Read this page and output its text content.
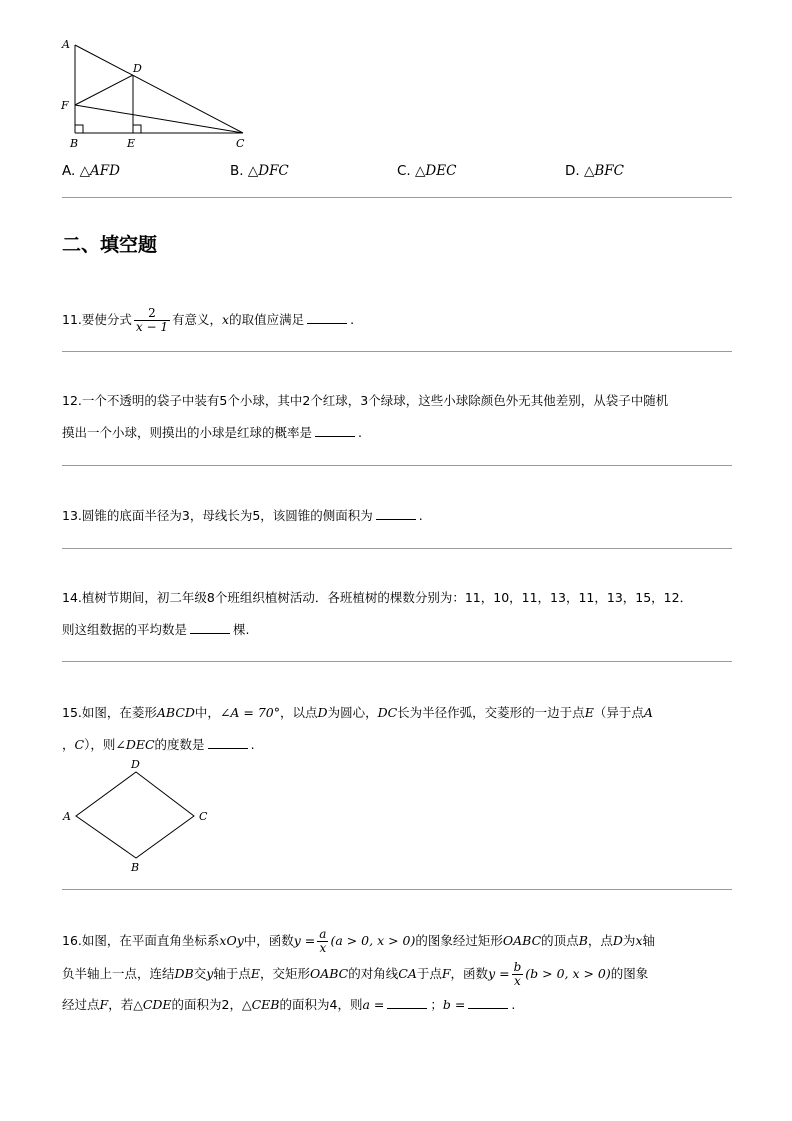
A
D
F
B	E	C
A. △AFD	B. △DFC	C. △DEC	D. △BFC
二、填空题
11.要使分式 $\frac{2}{x - 1}$ 有意义，x的取值应满足	.
12.一个不透明的袋子中装有5个小球，其中2个红球，3个绿球，这些小球除颜色外无其他差别，从袋子中随机
摸出一个小球，则摸出的小球是红球的概率是	.
13.圆锥的底面半径为3，母线长为5，该圆锥的侧面积为	.
14.植树节期间，初二年级8个班组织植树活动．各班植树的棵数分别为：11，10，11，13，11，13，15，12．
则这组数据的平均数是	棵.
15.如图，在菱形ABCD中，∠A = 70°，以点D为圆心，DC长为半径作弧，交菱形的一边于点E（异于点A
，C），则∠DEC的度数是	.
D
A	C
B
16.如图，在平面直角坐标系xOy中，函数$y = \frac{a}{x} (a > 0$, x > 0)的图象经过矩形OABC的顶点B，点D为x轴
负半轴上一点，连结DB交y轴于点E，交矩形OABC的对角线CA于点F，函数$y = \frac{b}{x} (b > 0$, x > 0)的图象
经过点F，若△CDE的面积为2，△CEB的面积为4，则a =	；b =	.
